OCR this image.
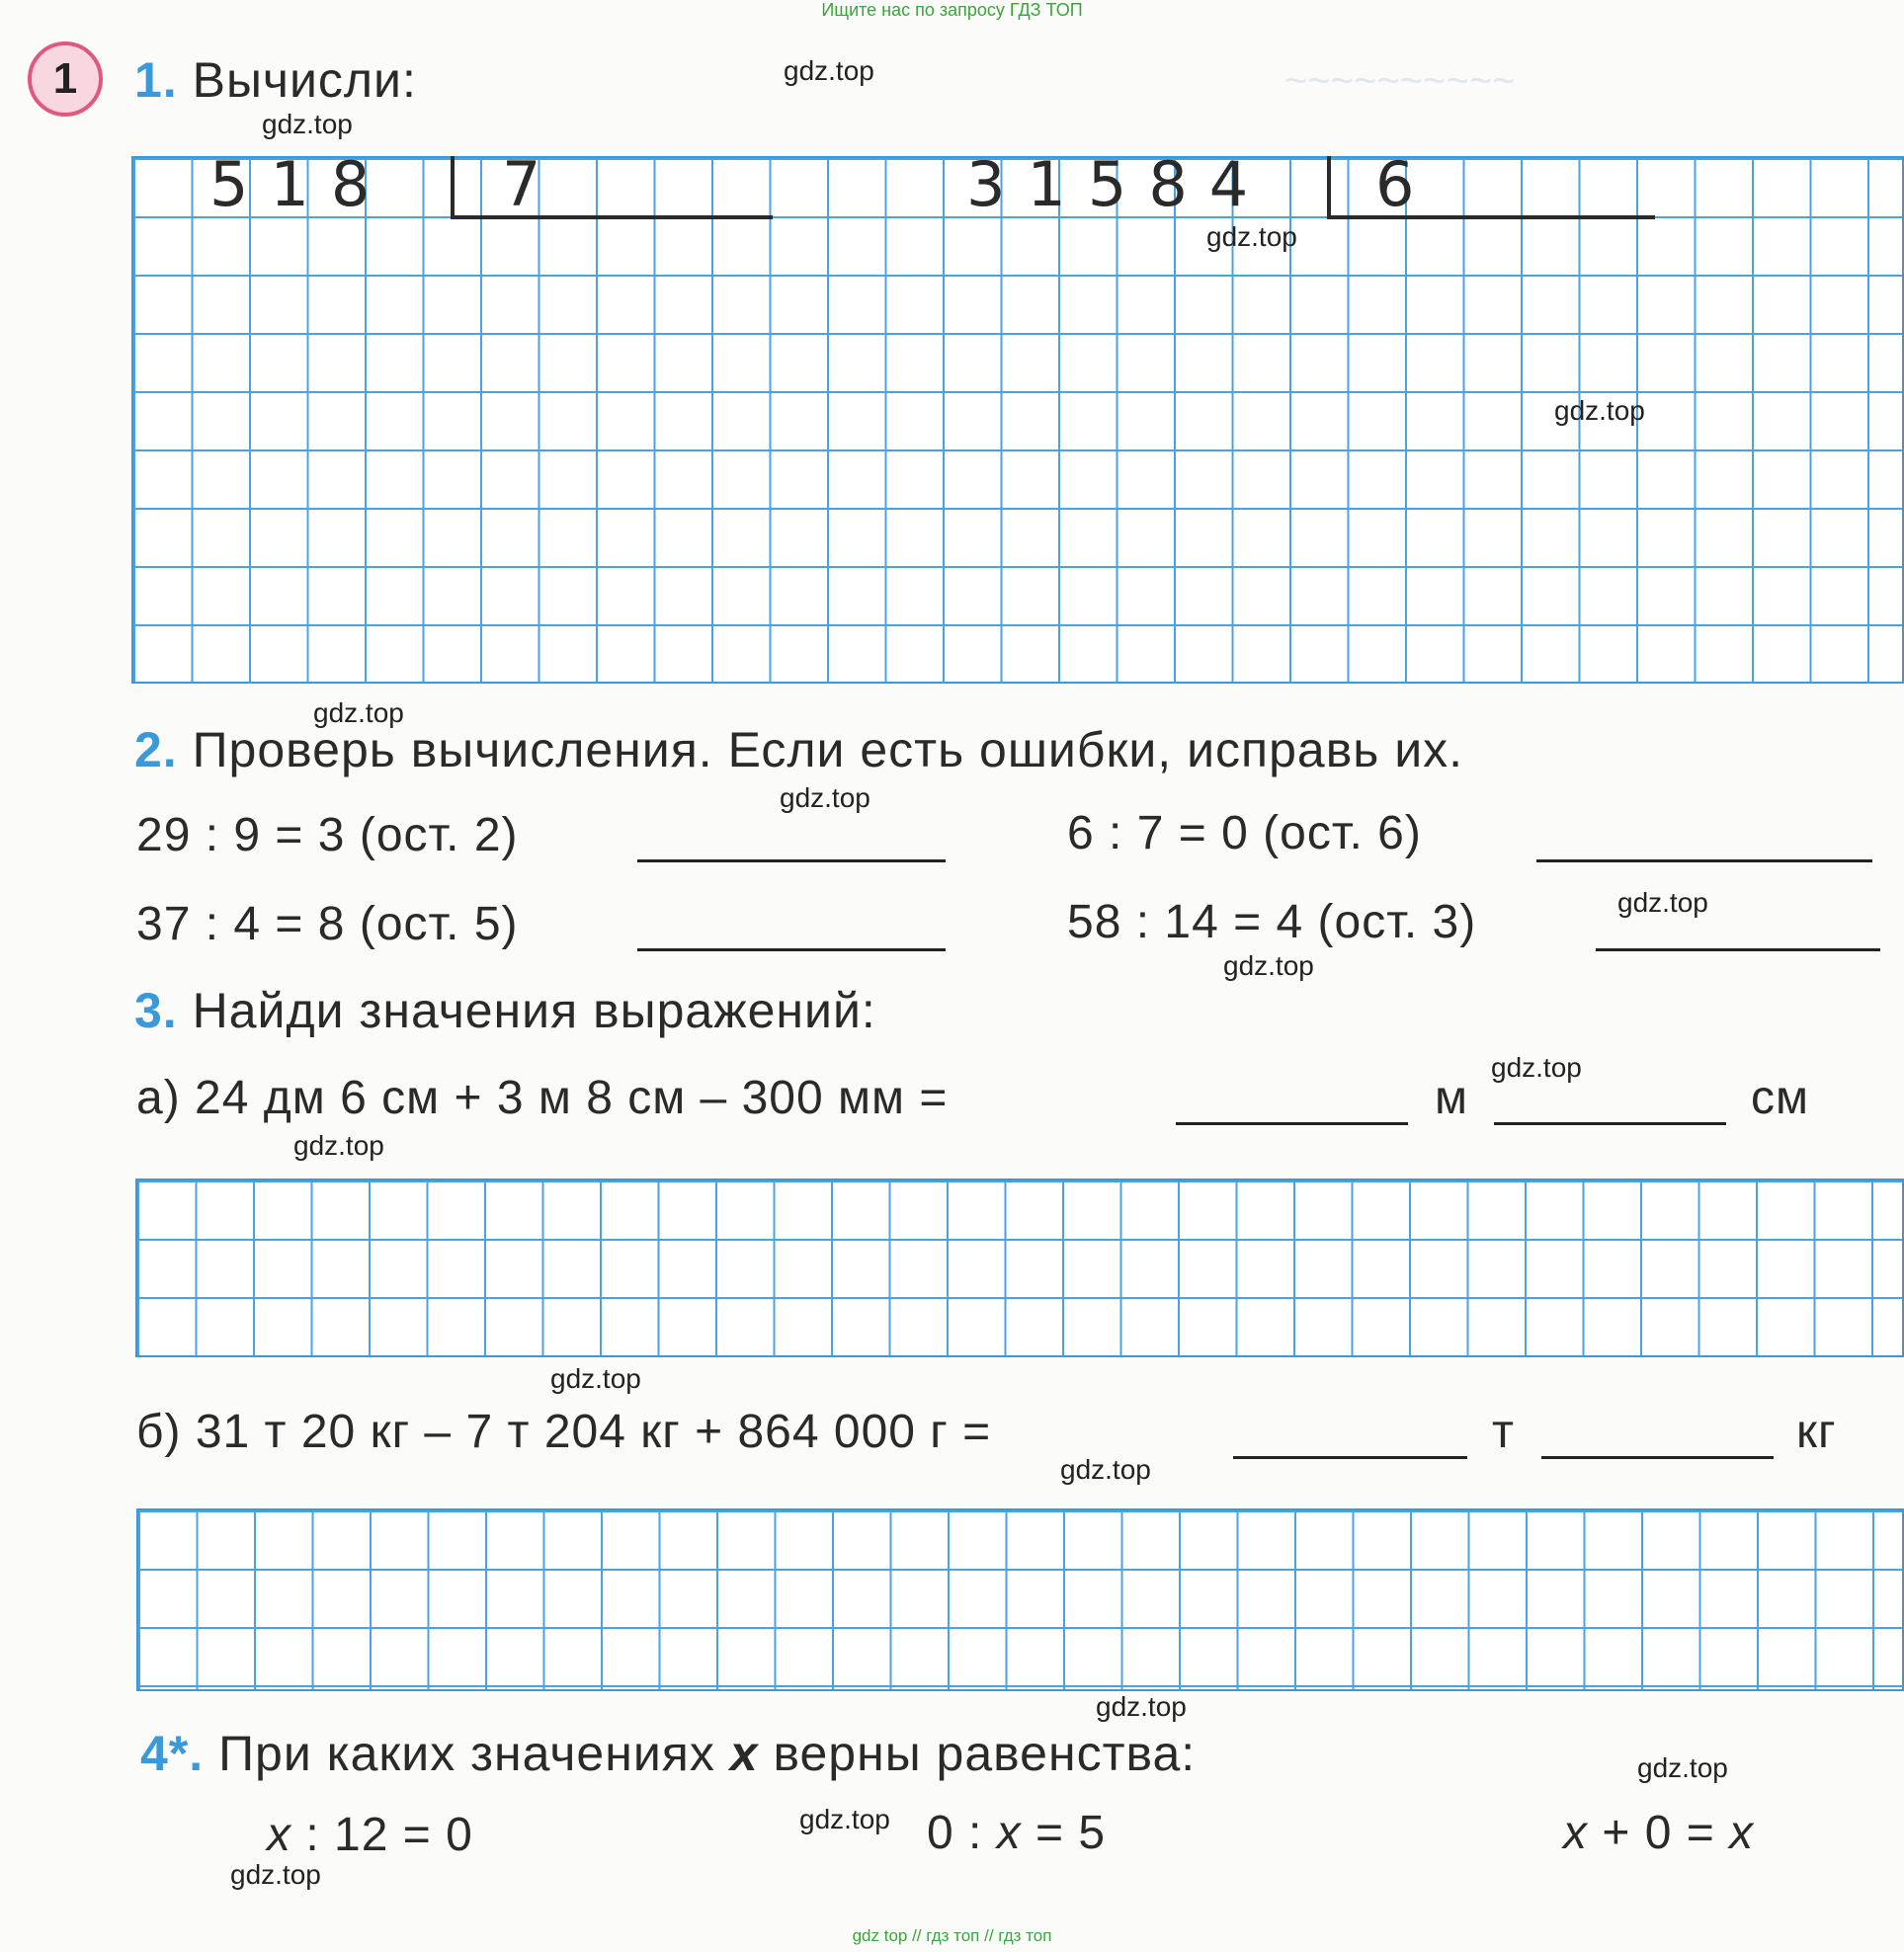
Ищите нас по запросу ГДЗ ТОП
gdz top // гдз топ // гдз топ
~~~~~~~~~~
1	1. Вычисли:
518 7	31584 6
2. Проверь вычисления. Если есть ошибки, исправь их.
29 : 9 = 3 (ост. 2)	6 : 7 = 0 (ост. 6)
37 : 4 = 8 (ост. 5)	58 : 14 = 4 (ост. 3)
3. Найди значения выражений:
а) 24 дм 6 см + 3 м 8 см – 300 мм =	м	см
б) 31 т 20 кг – 7 т 204 кг + 864 000 г =	т	кг
4*. При каких значениях x верны равенства:
x : 12 = 0	0 : x = 5	x + 0 = x
gdz.top
gdz.top
gdz.top
gdz.top
gdz.top
gdz.top
gdz.top
gdz.top
gdz.top
gdz.top
gdz.top
gdz.top
gdz.top
gdz.top
gdz.top
gdz.top
